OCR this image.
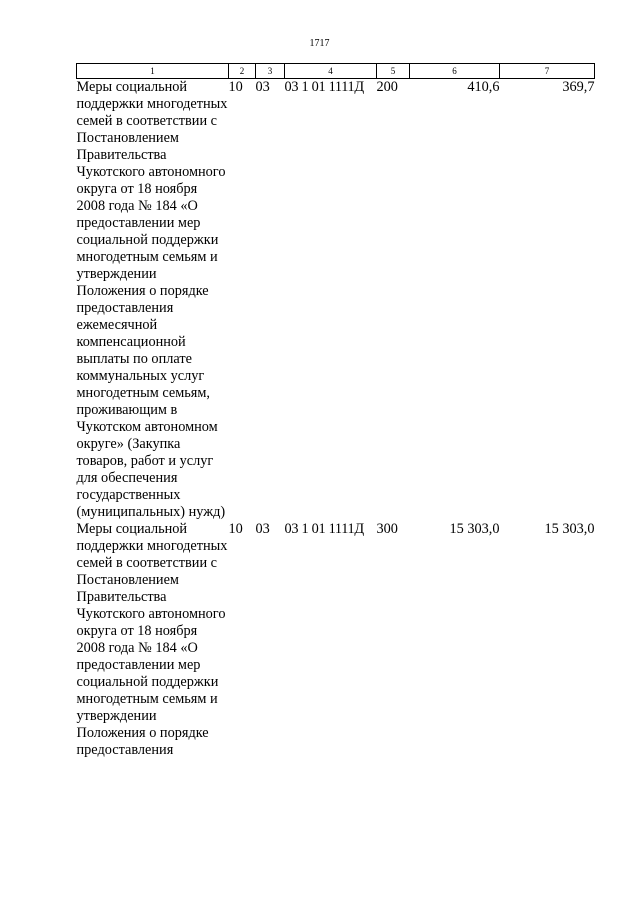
1717
1	2	3	4	5	6	7
Меры социальной поддержки многодетных семей в соответствии с Постановлением Правительства Чукотского автономного округа от 18 ноября 2008 года № 184 «О предоставлении мер социальной поддержки многодетным семьям и утверждении Положения о порядке предоставления ежемесячной компенсационной выплаты по оплате коммунальных услуг многодетным семьям, проживающим в Чукотском автономном округе» (Закупка товаров, работ и услуг для обеспечения государственных (муниципальных) нужд)	10	03	03 1 01 1111Д	200	410,6	369,7
Меры социальной поддержки многодетных семей в соответствии с Постановлением Правительства Чукотского автономного округа от 18 ноября 2008 года № 184 «О предоставлении мер социальной поддержки многодетным семьям и утверждении Положения о порядке предоставления	10	03	03 1 01 1111Д	300	15 303,0	15 303,0
